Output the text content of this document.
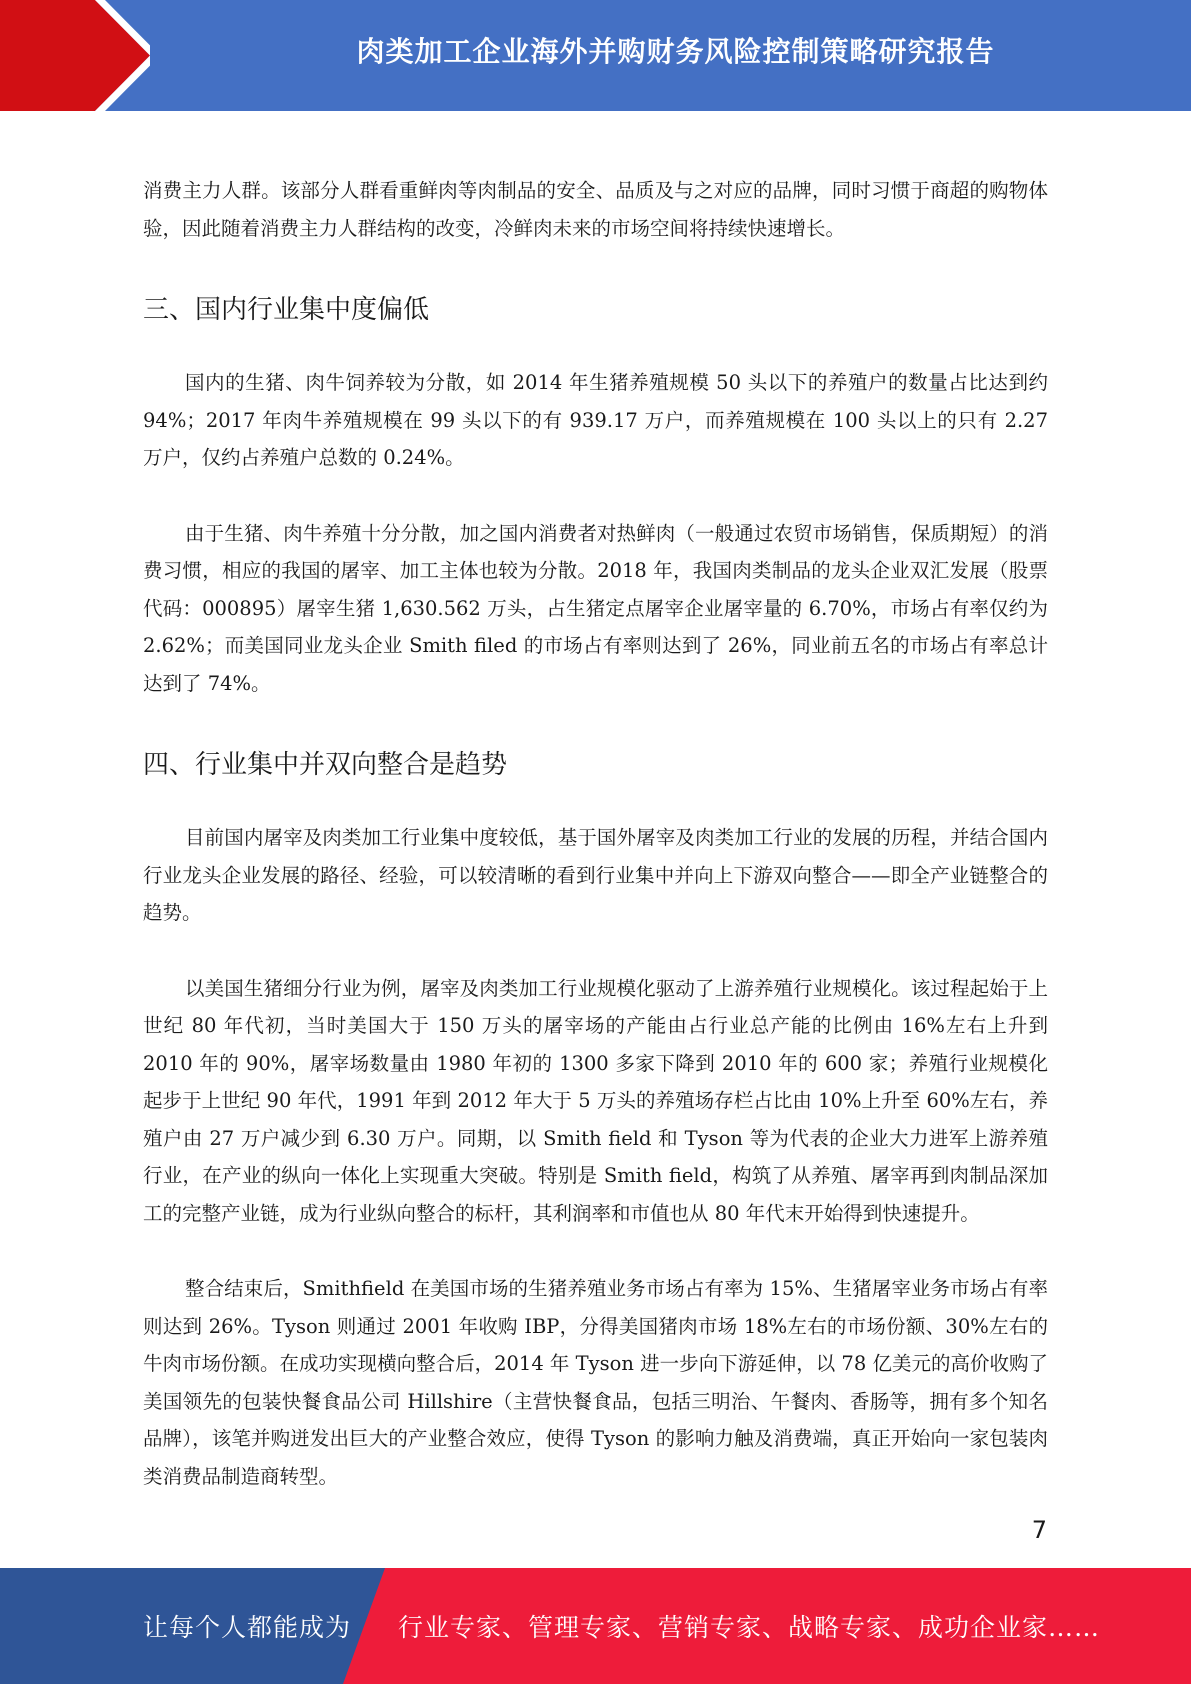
肉类加工企业海外并购财务风险控制策略研究报告

消费主力人群。该部分人群看重鲜肉等肉制品的安全、品质及与之对应的品牌，同时习惯于商超的购物体验，因此随着消费主力人群结构的改变，冷鲜肉未来的市场空间将持续快速增长。

三、国内行业集中度偏低

国内的生猪、肉牛饲养较为分散，如 2014 年生猪养殖规模 50 头以下的养殖户的数量占比达到约 94%；2017 年肉牛养殖规模在 99 头以下的有 939.17 万户，而养殖规模在 100 头以上的只有 2.27 万户，仅约占养殖户总数的 0.24%。

由于生猪、肉牛养殖十分分散，加之国内消费者对热鲜肉（一般通过农贸市场销售，保质期短）的消费习惯，相应的我国的屠宰、加工主体也较为分散。2018 年，我国肉类制品的龙头企业双汇发展（股票代码：000895）屠宰生猪 1,630.562 万头，占生猪定点屠宰企业屠宰量的 6.70%，市场占有率仅约为 2.62%；而美国同业龙头企业 Smith filed 的市场占有率则达到了 26%，同业前五名的市场占有率总计达到了 74%。

四、行业集中并双向整合是趋势

目前国内屠宰及肉类加工行业集中度较低，基于国外屠宰及肉类加工行业的发展的历程，并结合国内行业龙头企业发展的路径、经验，可以较清晰的看到行业集中并向上下游双向整合——即全产业链整合的趋势。

以美国生猪细分行业为例，屠宰及肉类加工行业规模化驱动了上游养殖行业规模化。该过程起始于上世纪 80 年代初，当时美国大于 150 万头的屠宰场的产能由占行业总产能的比例由 16%左右上升到 2010 年的 90%，屠宰场数量由 1980 年初的 1300 多家下降到 2010 年的 600 家；养殖行业规模化起步于上世纪 90 年代，1991 年到 2012 年大于 5 万头的养殖场存栏占比由 10%上升至 60%左右，养殖户由 27 万户减少到 6.30 万户。同期，以 Smith field 和 Tyson 等为代表的企业大力进军上游养殖行业，在产业的纵向一体化上实现重大突破。特别是 Smith field，构筑了从养殖、屠宰再到肉制品深加工的完整产业链，成为行业纵向整合的标杆，其利润率和市值也从 80 年代末开始得到快速提升。

整合结束后，Smithfield 在美国市场的生猪养殖业务市场占有率为 15%、生猪屠宰业务市场占有率则达到 26%。Tyson 则通过 2001 年收购 IBP，分得美国猪肉市场 18%左右的市场份额、30%左右的牛肉市场份额。在成功实现横向整合后，2014 年 Tyson 进一步向下游延伸，以 78 亿美元的高价收购了美国领先的包装快餐食品公司 Hillshire（主营快餐食品，包括三明治、午餐肉、香肠等，拥有多个知名品牌），该笔并购迸发出巨大的产业整合效应，使得 Tyson 的影响力触及消费端，真正开始向一家包装肉类消费品制造商转型。

7
让每个人都能成为 行业专家、管理专家、营销专家、战略专家、成功企业家……
